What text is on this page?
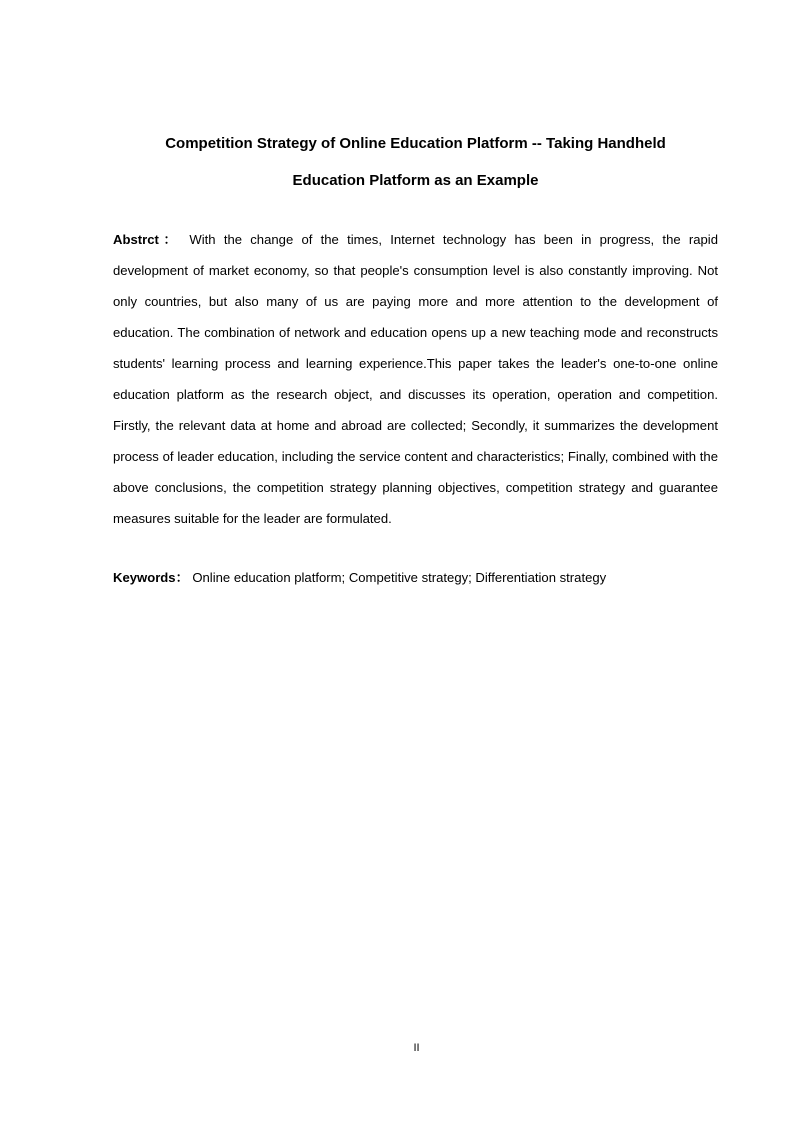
Competition Strategy of Online Education Platform -- Taking Handheld
Education Platform as an Example

Abstrct： With the change of the times, Internet technology has been in progress, the rapid development of market economy, so that people's consumption level is also constantly improving. Not only countries, but also many of us are paying more and more attention to the development of education. The combination of network and education opens up a new teaching mode and reconstructs students' learning process and learning experience.This paper takes the leader's one-to-one online education platform as the research object, and discusses its operation, operation and competition. Firstly, the relevant data at home and abroad are collected; Secondly, it summarizes the development process of leader education, including the service content and characteristics; Finally, combined with the above conclusions, the competition strategy planning objectives, competition strategy and guarantee measures suitable for the leader are formulated.

Keywords： Online education platform; Competitive strategy; Differentiation strategy

II
